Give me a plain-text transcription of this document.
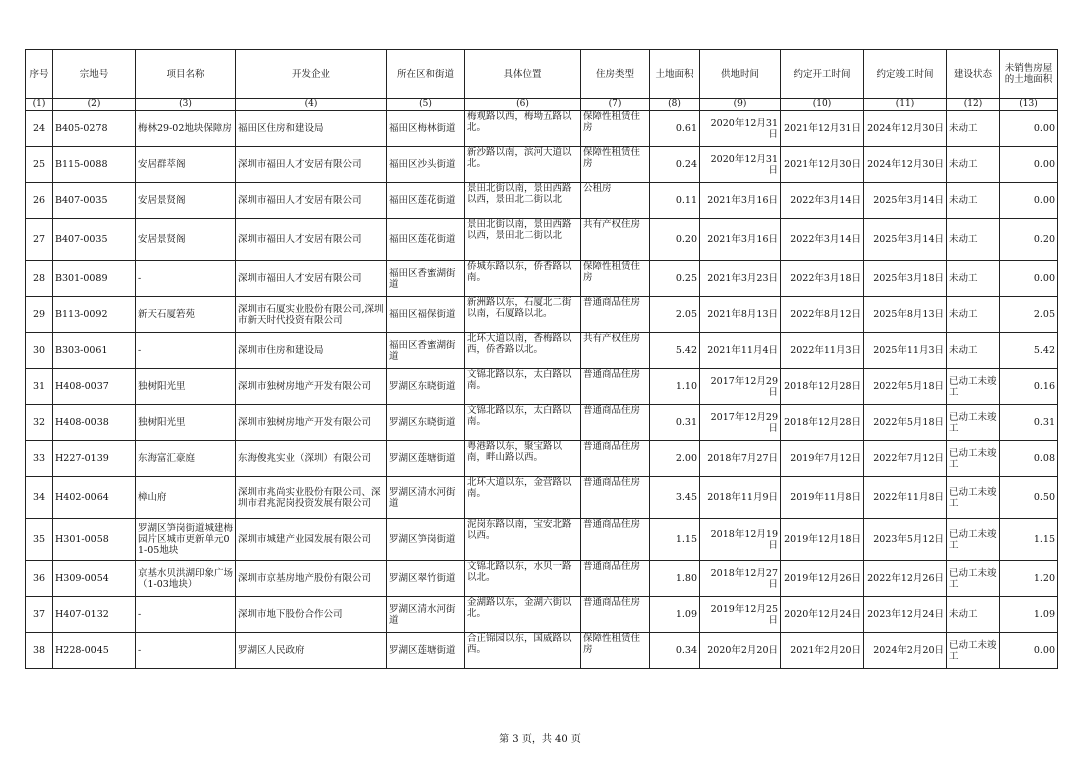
序号	宗地号	项目名称	开发企业	所在区和街道	具体位置	住房类型	土地面积	供地时间	约定开工时间	约定竣工时间	建设状态	未销售房屋的土地面积
(1)	(2)	(3)	(4)	(5)	(6)	(7)	(8)	(9)	(10)	(11)	(12)	(13)
24	B405-0278	梅林29-02地块保障房	福田区住房和建设局	福田区梅林街道	梅观路以西，梅坳五路以北。	保障性租赁住房	0.61	2020年12月31日	2021年12月31日	2024年12月30日	未动工	0.00
25	B115-0088	安居群萃阁	深圳市福田人才安居有限公司	福田区沙头街道	新沙路以南，滨河大道以北。	保障性租赁住房	0.24	2020年12月31日	2021年12月30日	2024年12月30日	未动工	0.00
26	B407-0035	安居景贤阁	深圳市福田人才安居有限公司	福田区莲花街道	景田北街以南，景田西路以西，景田北二街以北	公租房	0.11	2021年3月16日	2022年3月14日	2025年3月14日	未动工	0.00
27	B407-0035	安居景贤阁	深圳市福田人才安居有限公司	福田区莲花街道	景田北街以南，景田西路以西，景田北二街以北	共有产权住房	0.20	2021年3月16日	2022年3月14日	2025年3月14日	未动工	0.20
28	B301-0089	-	深圳市福田人才安居有限公司	福田区香蜜湖街道	侨城东路以东，侨香路以南。	保障性租赁住房	0.25	2021年3月23日	2022年3月18日	2025年3月18日	未动工	0.00
29	B113-0092	新天石厦箬苑	深圳市石厦实业股份有限公司,深圳市新天时代投资有限公司	福田区福保街道	新洲路以东，石厦北二街以南，石厦路以北。	普通商品住房	2.05	2021年8月13日	2022年8月12日	2025年8月13日	未动工	2.05
30	B303-0061	-	深圳市住房和建设局	福田区香蜜湖街道	北环大道以南，香梅路以西，侨香路以北。	共有产权住房	5.42	2021年11月4日	2022年11月3日	2025年11月3日	未动工	5.42
31	H408-0037	独树阳光里	深圳市独树房地产开发有限公司	罗湖区东晓街道	文锦北路以东，太白路以南。	普通商品住房	1.10	2017年12月29日	2018年12月28日	2022年5月18日	已动工未竣工	0.16
32	H408-0038	独树阳光里	深圳市独树房地产开发有限公司	罗湖区东晓街道	文锦北路以东，太白路以南。	普通商品住房	0.31	2017年12月29日	2018年12月28日	2022年5月18日	已动工未竣工	0.31
33	H227-0139	东海富汇豪庭	东海俊兆实业（深圳）有限公司	罗湖区莲塘街道	粤港路以东，聚宝路以南，畔山路以西。	普通商品住房	2.00	2018年7月27日	2019年7月12日	2022年7月12日	已动工未竣工	0.08
34	H402-0064	樟山府	深圳市兆尚实业股份有限公司、深圳市君兆泥岗投资发展有限公司	罗湖区清水河街道	北环大道以东，金营路以南。	普通商品住房	3.45	2018年11月9日	2019年11月8日	2022年11月8日	已动工未竣工	0.50
35	H301-0058	罗湖区笋岗街道城建梅园片区城市更新单元01-05地块	深圳市城建产业园发展有限公司	罗湖区笋岗街道	泥岗东路以南，宝安北路以西。	普通商品住房	1.15	2018年12月19日	2019年12月18日	2023年5月12日	已动工未竣工	1.15
36	H309-0054	京基水贝洪湖印象广场（1-03地块）	深圳市京基房地产股份有限公司	罗湖区翠竹街道	文锦北路以东，水贝一路以北。	普通商品住房	1.80	2018年12月27日	2019年12月26日	2022年12月26日	已动工未竣工	1.20
37	H407-0132	-	深圳市地下股份合作公司	罗湖区清水河街道	金湖路以东，金湖六街以北。	普通商品住房	1.09	2019年12月25日	2020年12月24日	2023年12月24日	未动工	1.09
38	H228-0045	-	罗湖区人民政府	罗湖区莲塘街道	合正锦园以东，国威路以西。	保障性租赁住房	0.34	2020年2月20日	2021年2月20日	2024年2月20日	已动工未竣工	0.00
第 3 页，共 40 页
